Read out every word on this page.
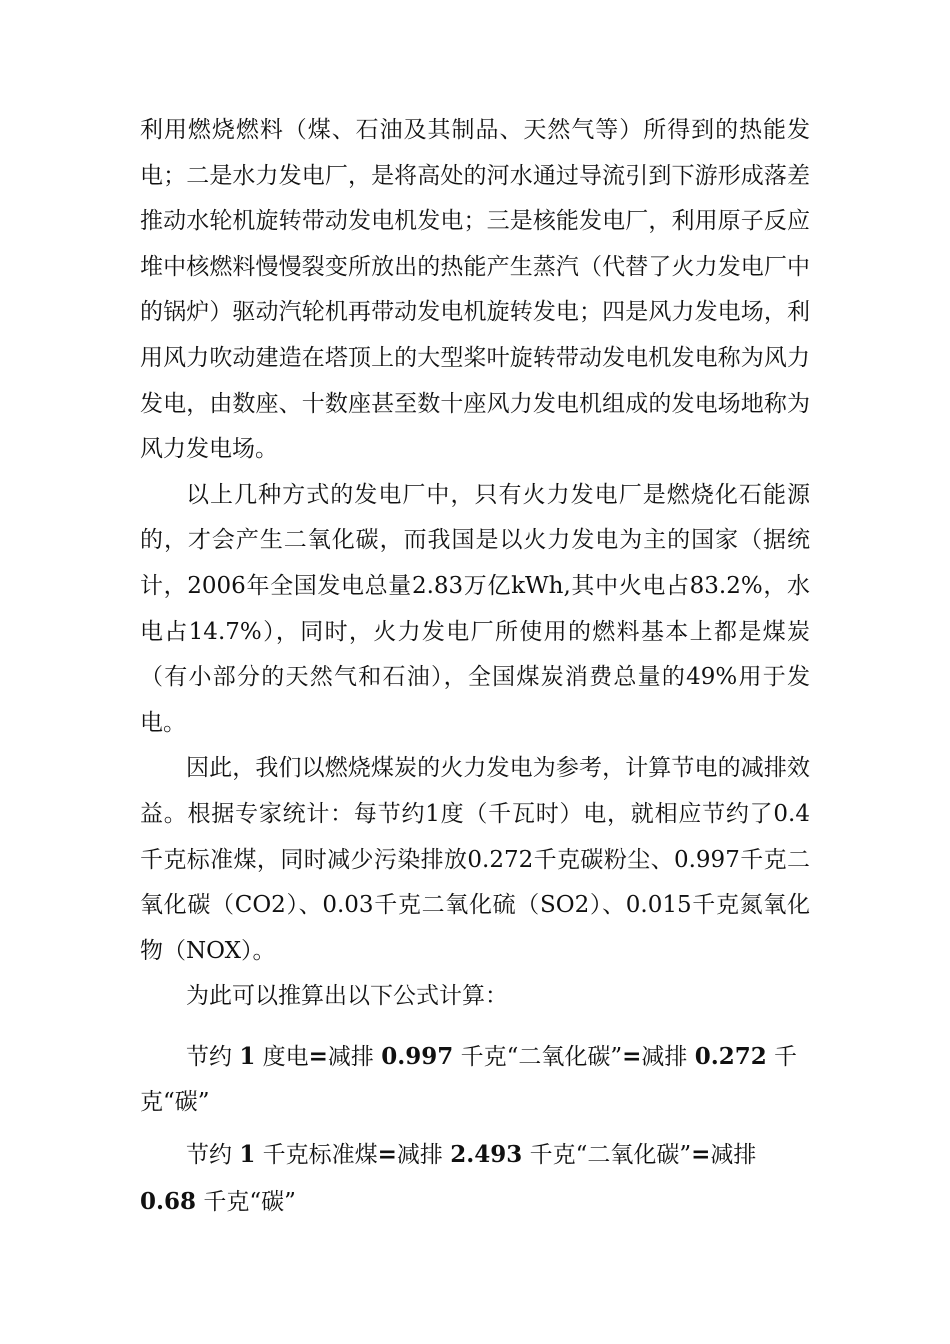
利用燃烧燃料（煤、石油及其制品、天然气等）所得到的热能发电；二是水力发电厂，是将高处的河水通过导流引到下游形成落差推动水轮机旋转带动发电机发电；三是核能发电厂，利用原子反应堆中核燃料慢慢裂变所放出的热能产生蒸汽（代替了火力发电厂中的锅炉）驱动汽轮机再带动发电机旋转发电；四是风力发电场，利用风力吹动建造在塔顶上的大型桨叶旋转带动发电机发电称为风力发电，由数座、十数座甚至数十座风力发电机组成的发电场地称为风力发电场。

以上几种方式的发电厂中，只有火力发电厂是燃烧化石能源的，才会产生二氧化碳，而我国是以火力发电为主的国家（据统计，2006年全国发电总量2.83万亿kWh,其中火电占83.2%，水电占14.7%），同时，火力发电厂所使用的燃料基本上都是煤炭（有小部分的天然气和石油），全国煤炭消费总量的49%用于发电。

因此，我们以燃烧煤炭的火力发电为参考，计算节电的减排效益。根据专家统计：每节约1度（千瓦时）电，就相应节约了0.4千克标准煤，同时减少污染排放0.272千克碳粉尘、0.997千克二氧化碳（CO2）、0.03千克二氧化硫（SO2）、0.015千克氮氧化物（NOX）。

为此可以推算出以下公式计算：

节约 1 度电=减排 0.997 千克“二氧化碳”=减排 0.272 千克“碳”

节约 1 千克标准煤=减排 2.493 千克“二氧化碳”=减排0.68 千克“碳”
